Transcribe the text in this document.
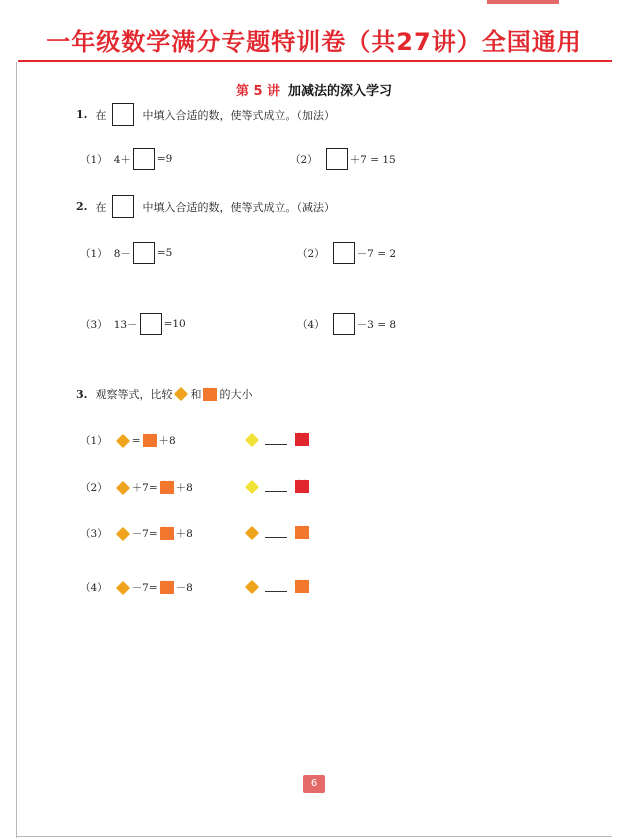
一年级数学满分专题特训卷（共27讲）全国通用
第 5 讲 加减法的深入学习
1. 在	中填入合适的数，使等式成立。（加法）
（1） 4＋ =9	（2）	＋7 = 15
2. 在	中填入合适的数，使等式成立。（减法）
（1） 8－ =5	（2）	－7 = 2
（3） 13－ =10	（4）	－3 = 8
3. 观察等式，比较 和 的大小
（1） = ＋8
（2） ＋7= ＋8
（3） －7= ＋8
（4） －7= －8
6
